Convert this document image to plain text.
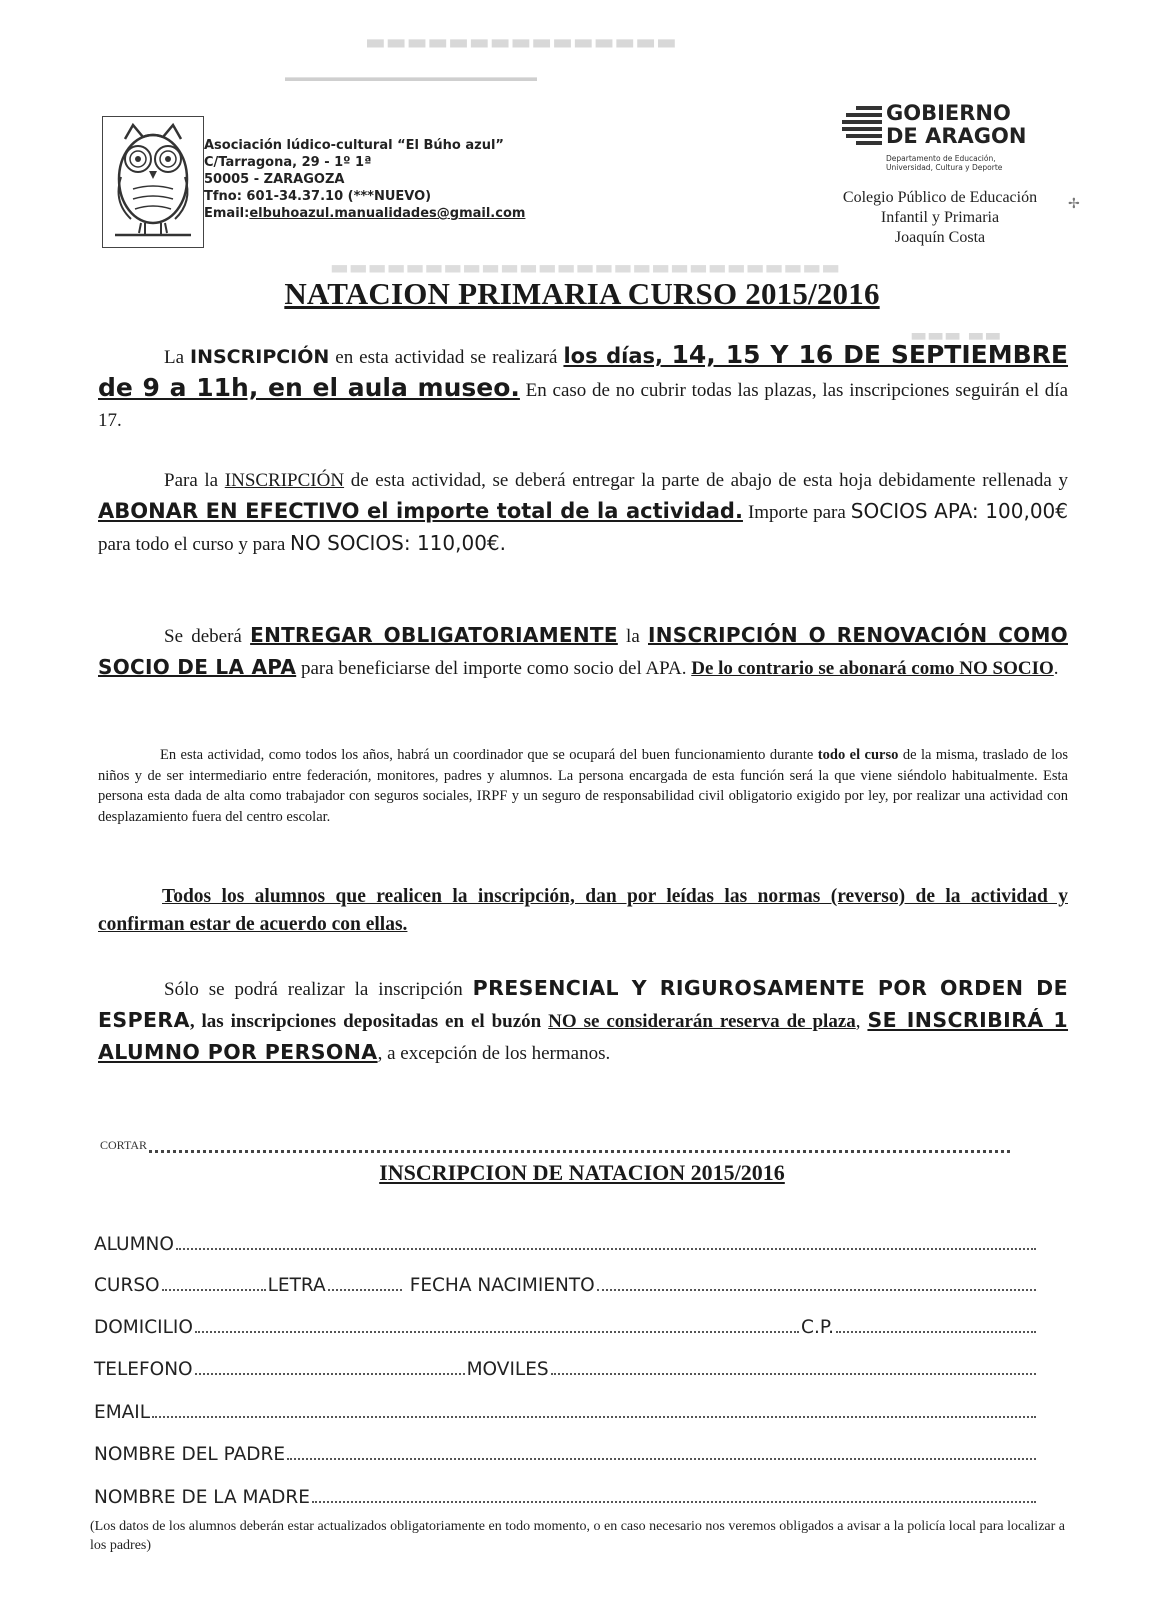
▬▬▬▬▬▬▬▬▬▬▬▬▬▬▬
▬▬▬▬▬▬▬▬▬▬▬▬▬▬▬▬▬▬▬▬▬
▬▬▬▬▬▬▬▬▬▬▬▬▬▬▬▬▬▬▬▬▬▬▬▬▬▬▬
▬▬▬ ▬▬
Asociación lúdico-cultural “El Búho azul”
C/Tarragona, 29 - 1º 1ª
50005 - ZARAGOZA
Tfno: 601-34.37.10 (***NUEVO)
Email:elbuhoazul.manualidades@gmail.com
GOBIERNO
DE ARAGON
Departamento de Educación,
Universidad, Cultura y Deporte
Colegio Público de Educación
Infantil y Primaria
Joaquín Costa
✢
NATACION PRIMARIA CURSO 2015/2016
La INSCRIPCIÓN en esta actividad se realizará los días, 14, 15 Y 16 DE SEPTIEMBRE de 9 a 11h, en el aula museo. En caso de no cubrir todas las plazas, las inscripciones seguirán el día 17.
Para la INSCRIPCIÓN de esta actividad, se deberá entregar la parte de abajo de esta hoja debidamente rellenada y ABONAR EN EFECTIVO el importe total de la actividad. Importe para SOCIOS APA: 100,00€ para todo el curso y para NO SOCIOS: 110,00€.
Se deberá ENTREGAR OBLIGATORIAMENTE la INSCRIPCIÓN O RENOVACIÓN COMO SOCIO DE LA APA para beneficiarse del importe como socio del APA. De lo contrario se abonará como NO SOCIO.
En esta actividad, como todos los años, habrá un coordinador que se ocupará del buen funcionamiento durante todo el curso de la misma, traslado de los niños y de ser intermediario entre federación, monitores, padres y alumnos. La persona encargada de esta función será la que viene siéndolo habitualmente. Esta persona esta dada de alta como trabajador con seguros sociales, IRPF y un seguro de responsabilidad civil obligatorio exigido por ley, por realizar una actividad con desplazamiento fuera del centro escolar.
Todos los alumnos que realicen la inscripción, dan por leídas las normas (reverso) de la actividad y confirman estar de acuerdo con ellas.
Sólo se podrá realizar la inscripción PRESENCIAL Y RIGUROSAMENTE POR ORDEN DE ESPERA, las inscripciones depositadas en el buzón NO se considerarán reserva de plaza, SE INSCRIBIRÁ 1 ALUMNO POR PERSONA, a excepción de los hermanos.
CORTAR
INSCRIPCION DE NATACION 2015/2016
ALUMNO
CURSO	LETRA	FECHA NACIMIENTO
DOMICILIO	C.P.
TELEFONO	MOVILES
EMAIL
NOMBRE DEL PADRE
NOMBRE DE LA MADRE
(Los datos de los alumnos deberán estar actualizados obligatoriamente en todo momento, o en caso necesario nos veremos obligados a avisar a la policía local para localizar a los padres)
